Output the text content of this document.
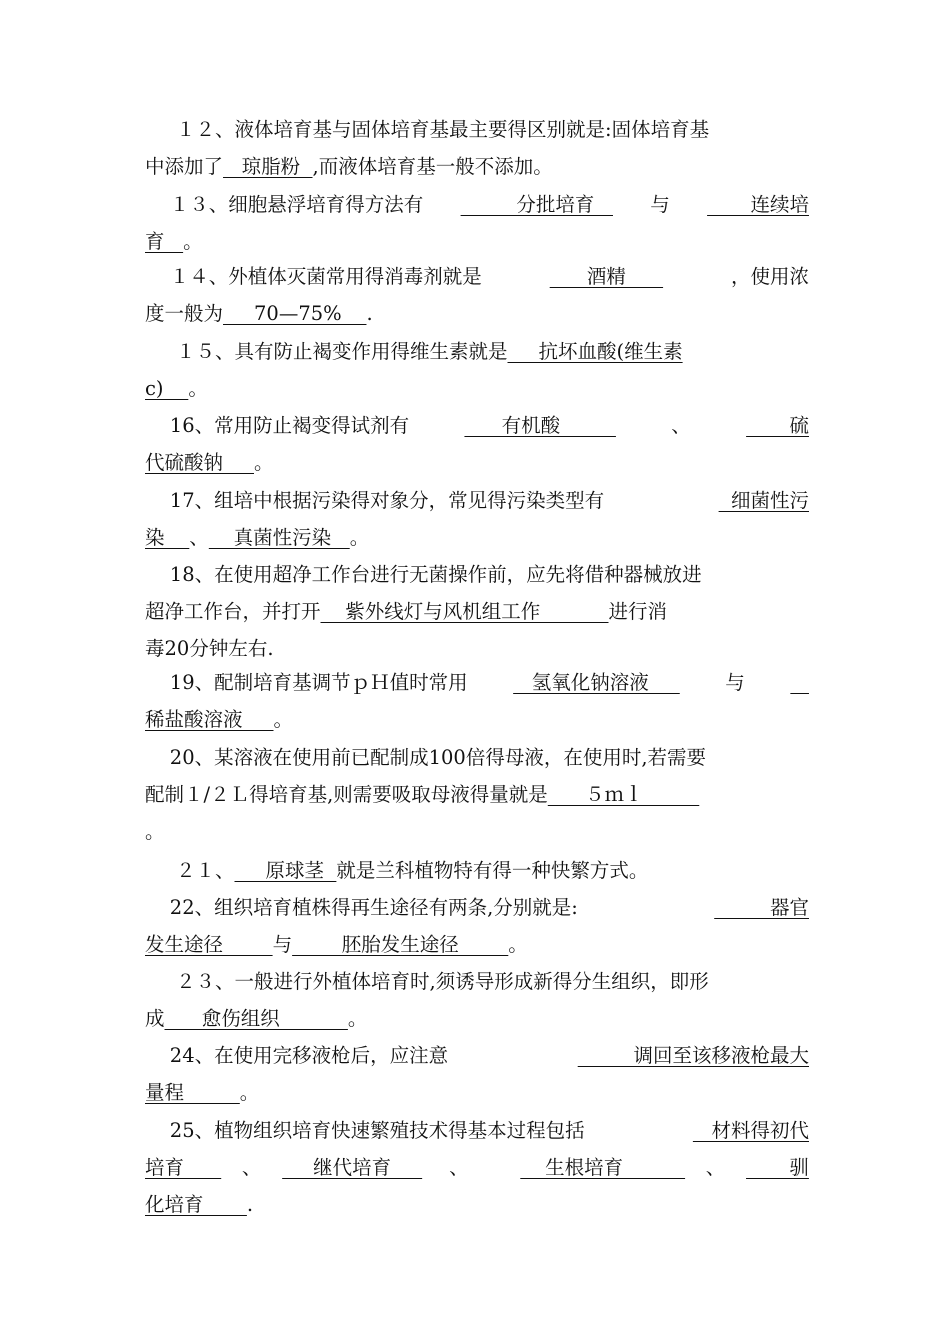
１２、液体培育基与固体培育基最主要得区别就是:固体培育基
中添加了   琼脂粉  ,而液体培育基一般不添加。
１３、细胞悬浮培育得方法有 分批培育 与 连续培
育   。
１４、外植体灭菌常用得消毒剂就是	酒精	，使用浓
度一般为     70—75%    .
１５、具有防止褐变作用得维生素就是     抗坏血酸(维生素
c)    。
16、常用防止褐变得试剂有	有机酸	、	硫
代硫酸钠     。
17、组培中根据污染得对象分，常见得污染类型有	细菌性污
染    、    真菌性污染   。
18、在使用超净工作台进行无菌操作前，应先将借种器械放进
超净工作台，并打开    紫外线灯与风机组工作           进行消
毒20分钟左右.
19、配制培育基调节ｐＨ值时常用 氢氧化钠溶液 与

稀盐酸溶液     。
20、某溶液在使用前已配制成100倍得母液，在使用时,若需要
配制１/２Ｌ得培育基,则需要吸取母液得量就是      ５ｍｌ
。
２１、     原球茎  就是兰科植物特有得一种快繁方式。
22、组织培育植株得再生途径有两条,分别就是:	器官
发生途径        与        胚胎发生途径        。
２３、一般进行外植体培育时,须诱导形成新得分生组织，即形
成      愈伤组织           。
24、在使用完移液枪后，应注意	调回至该移液枪最大
量程         。
25、植物组织培育快速繁殖技术得基本过程包括	材料得初代
培育 、 继代培育 、 生根培育 、 驯
化培育       .
